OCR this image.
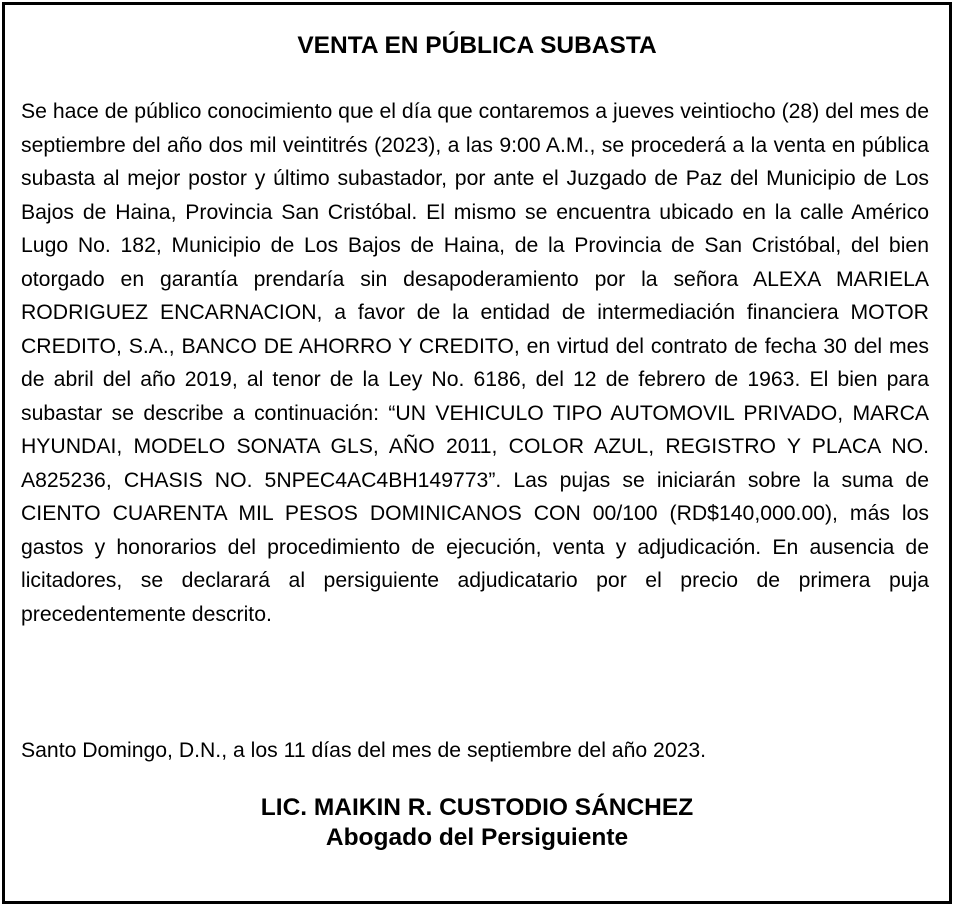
VENTA EN PÚBLICA SUBASTA

Se hace de público conocimiento que el día que contaremos a jueves veintiocho (28) del mes de septiembre del año dos mil veintitrés (2023), a las 9:00 A.M., se procederá a la venta en pública subasta al mejor postor y último subastador, por ante el Juzgado de Paz del Municipio de Los Bajos de Haina, Provincia San Cristóbal. El mismo se encuentra ubicado en la calle Américo Lugo No. 182, Municipio de Los Bajos de Haina, de la Provincia de San Cristóbal, del bien otorgado en garantía prendaría sin desapoderamiento por la señora ALEXA MARIELA RODRIGUEZ ENCARNACION, a favor de la entidad de intermediación financiera MOTOR CREDITO, S.A., BANCO DE AHORRO Y CREDITO, en virtud del contrato de fecha 30 del mes de abril del año 2019, al tenor de la Ley No. 6186, del 12 de febrero de 1963. El bien para subastar se describe a continuación: “UN VEHICULO TIPO AUTOMOVIL PRIVADO, MARCA HYUNDAI, MODELO SONATA GLS, AÑO 2011, COLOR AZUL, REGISTRO Y PLACA NO. A825236, CHASIS NO. 5NPEC4AC4BH149773”. Las pujas se iniciarán sobre la suma de CIENTO CUARENTA MIL PESOS DOMINICANOS CON 00/100 (RD$140,000.00), más los gastos y honorarios del procedimiento de ejecución, venta y adjudicación. En ausencia de licitadores, se declarará al persiguiente adjudicatario por el precio de primera puja precedentemente descrito.

Santo Domingo, D.N., a los 11 días del mes de septiembre del año 2023.

LIC. MAIKIN R. CUSTODIO SÁNCHEZ
Abogado del Persiguiente
